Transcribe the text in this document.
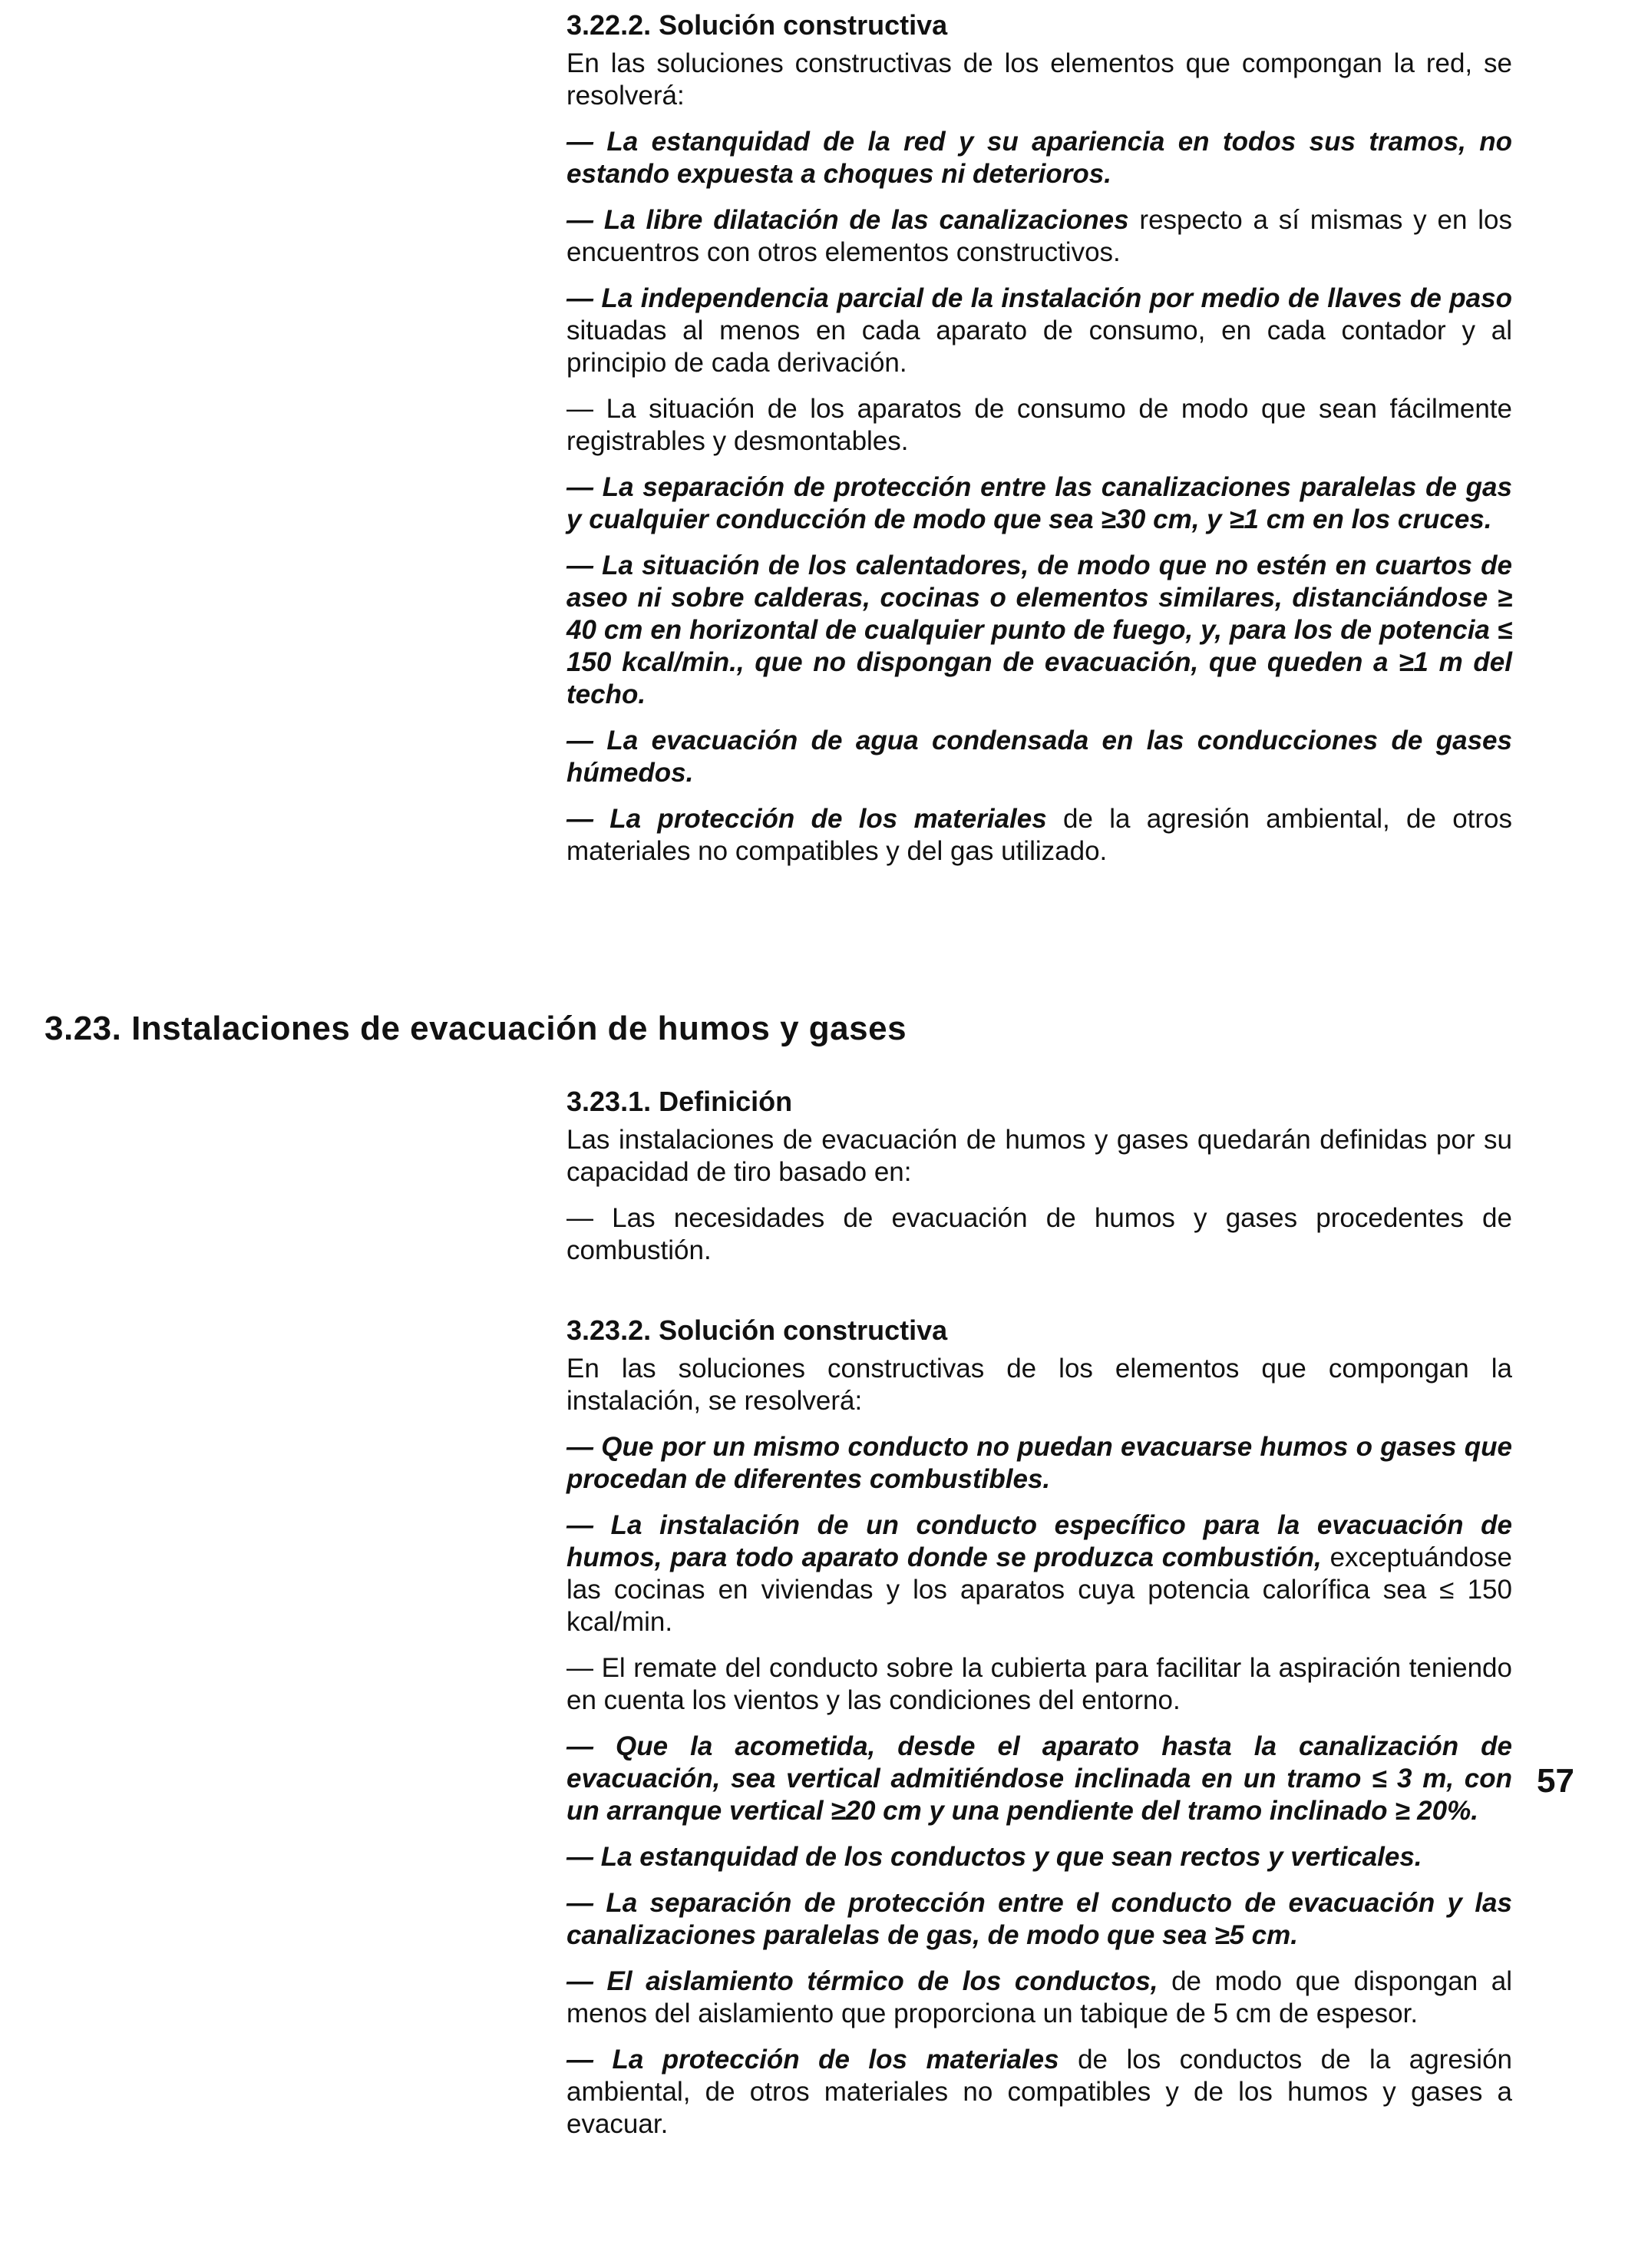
3.22.2. Solución constructiva

En las soluciones constructivas de los elementos que compongan la red, se resolverá:

— La estanquidad de la red y su apariencia en todos sus tramos, no estando expuesta a choques ni deterioros.

— La libre dilatación de las canalizaciones respecto a sí mismas y en los encuentros con otros elementos constructivos.

— La independencia parcial de la instalación por medio de llaves de paso situadas al menos en cada aparato de consumo, en cada contador y al principio de cada derivación.

— La situación de los aparatos de consumo de modo que sean fácilmente registrables y desmontables.

— La separación de protección entre las canalizaciones paralelas de gas y cualquier conducción de modo que sea ≥30 cm, y ≥1 cm en los cruces.

— La situación de los calentadores, de modo que no estén en cuartos de aseo ni sobre calderas, cocinas o elementos similares, distanciándose ≥ 40 cm en horizontal de cualquier punto de fuego, y, para los de potencia ≤ 150 kcal/min., que no dispongan de evacuación, que queden a ≥1 m del techo.

— La evacuación de agua condensada en las conducciones de gases húmedos.

— La protección de los materiales de la agresión ambiental, de otros materiales no compatibles y del gas utilizado.

3.23. Instalaciones de evacuación de humos y gases

3.23.1. Definición

Las instalaciones de evacuación de humos y gases quedarán definidas por su capacidad de tiro basado en:

— Las necesidades de evacuación de humos y gases procedentes de combustión.

3.23.2. Solución constructiva

En las soluciones constructivas de los elementos que compongan la instalación, se resolverá:

— Que por un mismo conducto no puedan evacuarse humos o gases que procedan de diferentes combustibles.

— La instalación de un conducto específico para la evacuación de humos, para todo aparato donde se produzca combustión, exceptuándose las cocinas en viviendas y los aparatos cuya potencia calorífica sea ≤ 150 kcal/min.

— El remate del conducto sobre la cubierta para facilitar la aspiración teniendo en cuenta los vientos y las condiciones del entorno.

— Que la acometida, desde el aparato hasta la canalización de evacuación, sea vertical admitiéndose inclinada en un tramo ≤ 3 m, con un arranque vertical ≥20 cm y una pendiente del tramo inclinado ≥ 20%.

— La estanquidad de los conductos y que sean rectos y verticales.

— La separación de protección entre el conducto de evacuación y las canalizaciones paralelas de gas, de modo que sea ≥5 cm.

— El aislamiento térmico de los conductos, de modo que dispongan al menos del aislamiento que proporciona un tabique de 5 cm de espesor.

— La protección de los materiales de los conductos de la agresión ambiental, de otros materiales no compatibles y de los humos y gases a evacuar.

57
